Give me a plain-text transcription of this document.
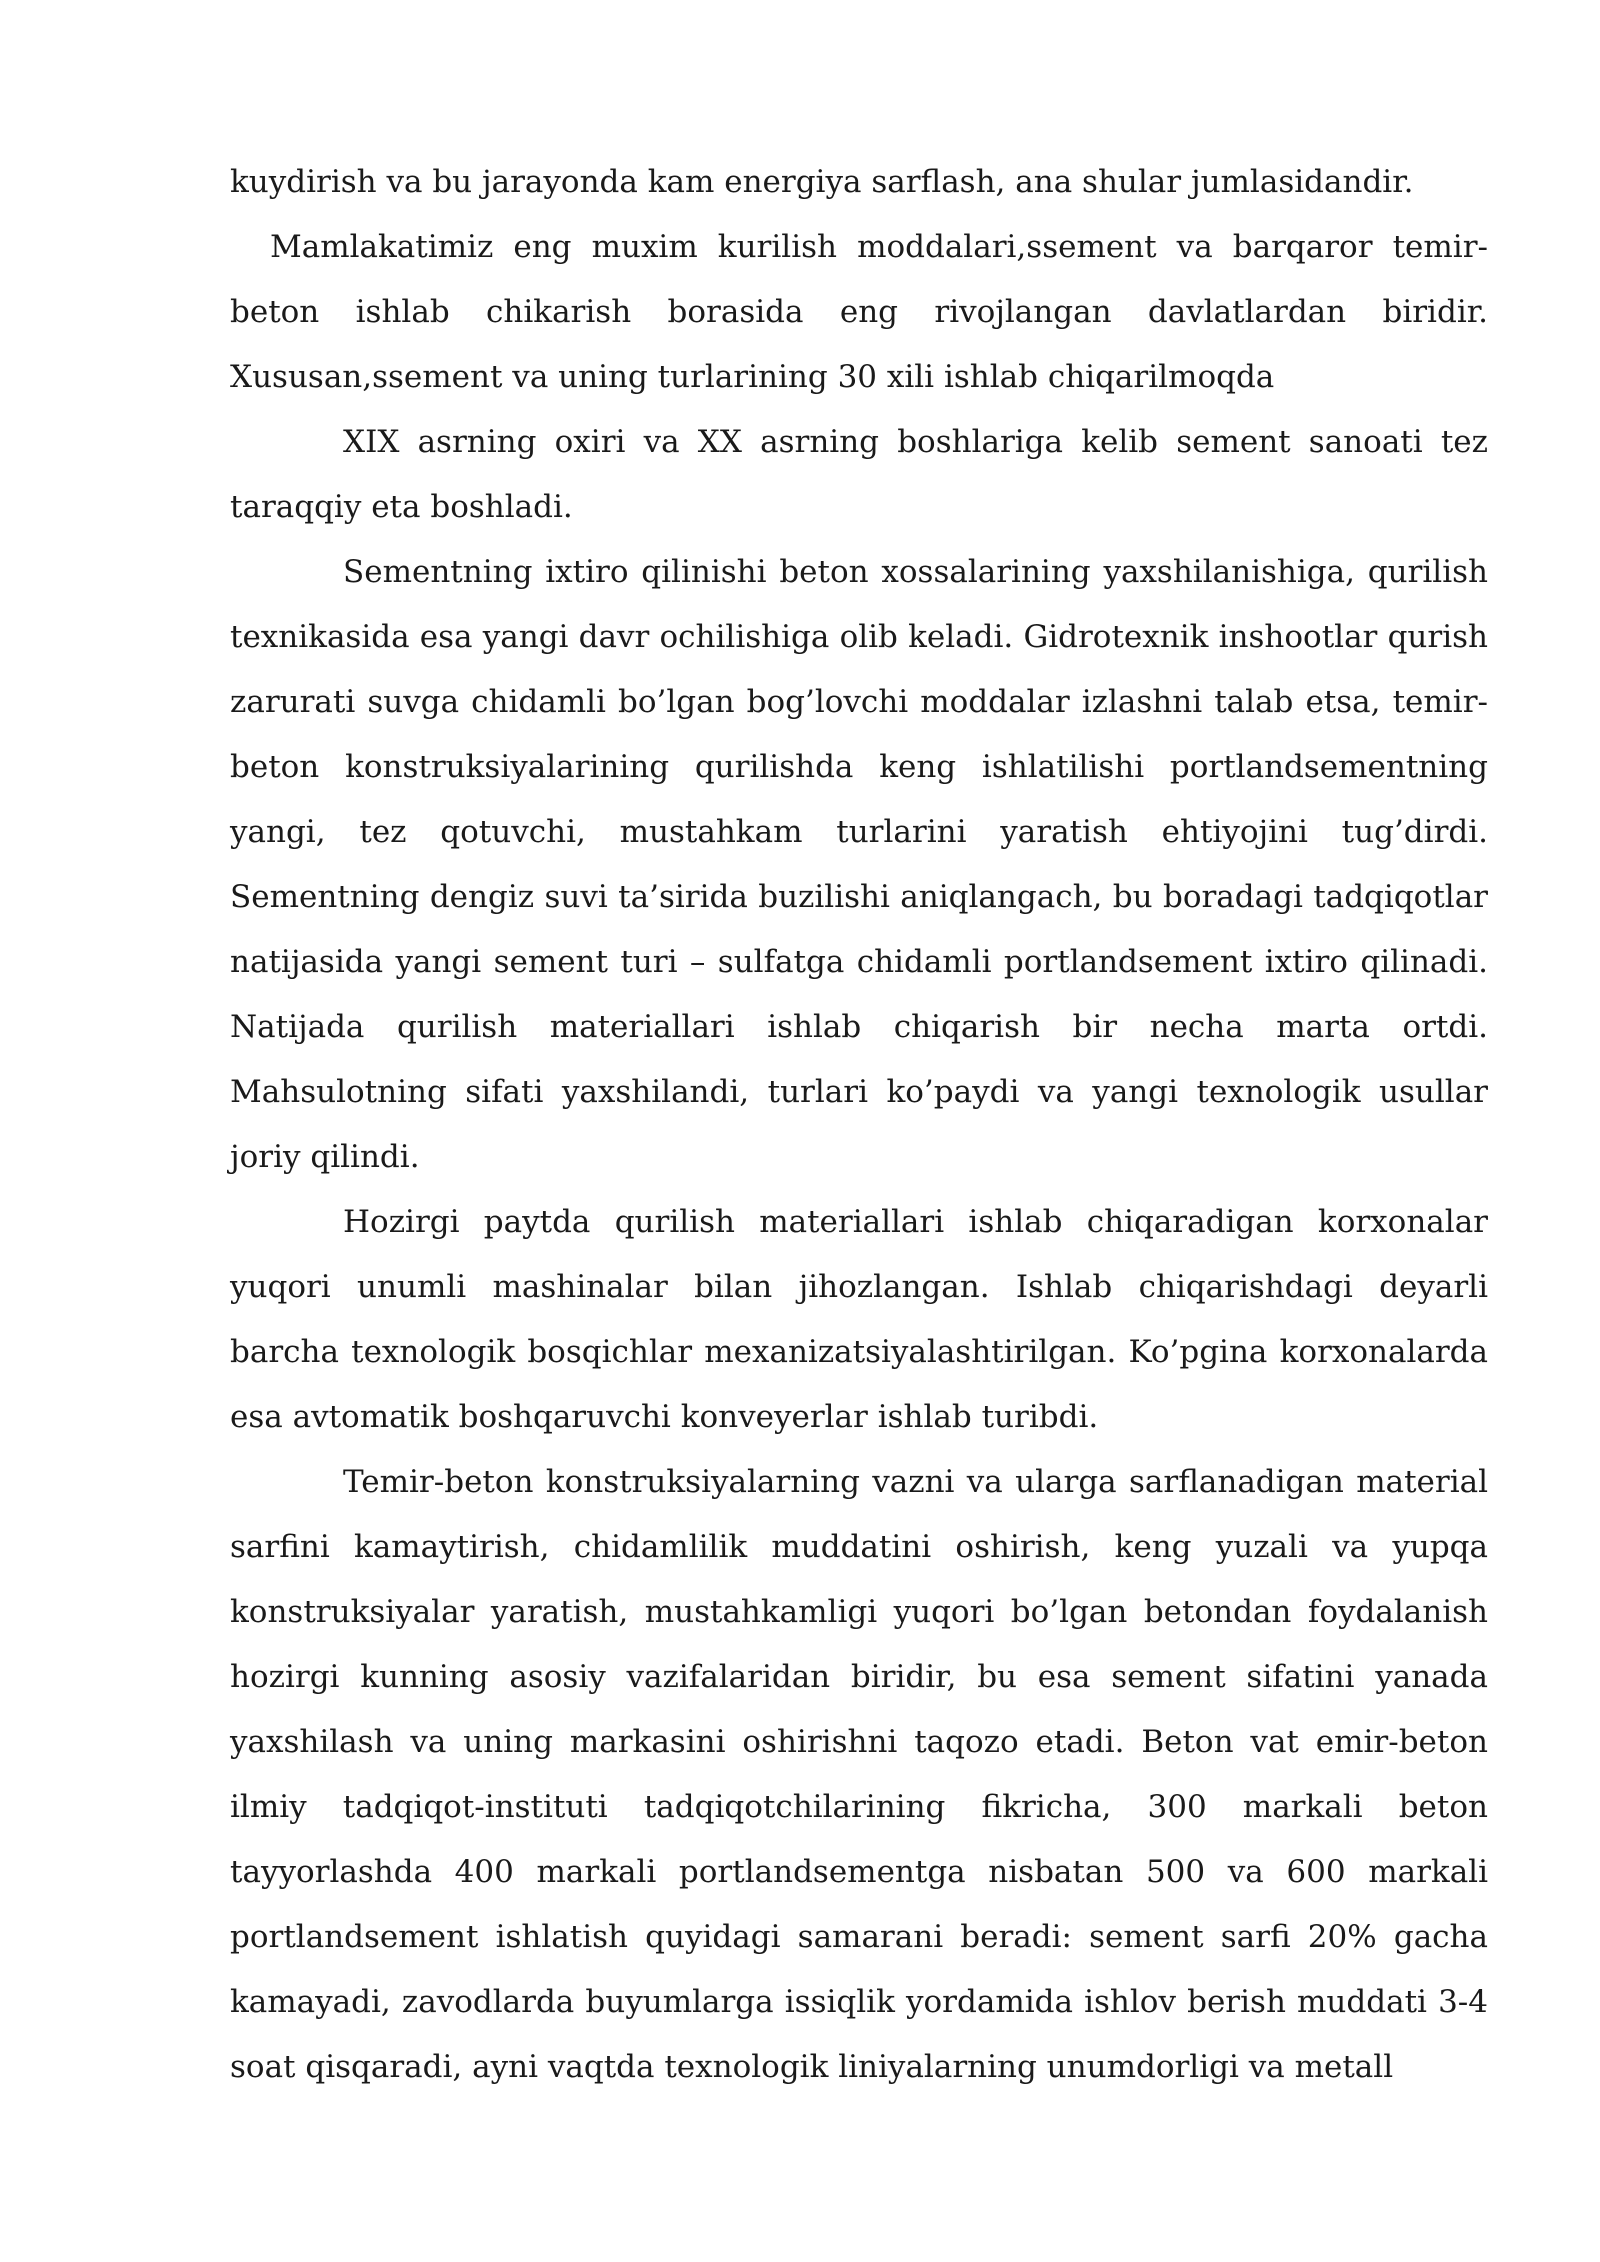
kuydirish va bu jarayonda kam energiya sarflash, ana shular jumlasidandir.

Mamlakatimiz eng muxim kurilish moddalari,ssement va barqaror temir-beton ishlab chikarish borasida eng rivojlangan davlatlardan biridir. Xususan,ssement va uning turlarining 30 xili ishlab chiqarilmoqda

XIX asrning oxiri va XX asrning boshlariga kelib sement sanoati tez taraqqiy eta boshladi.

Sementning ixtiro qilinishi beton xossalarining yaxshilanishiga, qurilish texnikasida esa yangi davr ochilishiga olib keladi. Gidrotexnik inshootlar qurish zarurati suvga chidamli bo’lgan bog’lovchi moddalar izlashni talab etsa, temir-beton konstruksiyalarining qurilishda keng ishlatilishi portlandsementning yangi, tez qotuvchi, mustahkam turlarini yaratish ehtiyojini tug’dirdi. Sementning dengiz suvi ta’sirida buzilishi aniqlangach, bu boradagi tadqiqotlar natijasida yangi sement turi – sulfatga chidamli portlandsement ixtiro qilinadi. Natijada qurilish materiallari ishlab chiqarish bir necha marta ortdi. Mahsulotning sifati yaxshilandi, turlari ko’paydi va yangi texnologik usullar joriy qilindi.

Hozirgi paytda qurilish materiallari ishlab chiqaradigan korxonalar yuqori unumli mashinalar bilan jihozlangan. Ishlab chiqarishdagi deyarli barcha texnologik bosqichlar mexanizatsiyalashtirilgan. Ko’pgina korxonalarda esa avtomatik boshqaruvchi konveyerlar ishlab turibdi.

Temir-beton konstruksiyalarning vazni va ularga sarflanadigan material sarfini kamaytirish, chidamlilik muddatini oshirish, keng yuzali va yupqa konstruksiyalar yaratish, mustahkamligi yuqori bo’lgan betondan foydalanish hozirgi kunning asosiy vazifalaridan biridir, bu esa sement sifatini yanada yaxshilash va uning markasini oshirishni taqozo etadi. Beton vat emir-beton ilmiy tadqiqot-instituti tadqiqotchilarining fikricha, 300 markali beton tayyorlashda 400 markali portlandsementga nisbatan 500 va 600 markali portlandsement ishlatish quyidagi samarani beradi: sement sarfi 20% gacha kamayadi, zavodlarda buyumlarga issiqlik yordamida ishlov berish muddati 3-4 soat qisqaradi, ayni vaqtda texnologik liniyalarning unumdorligi va metall
